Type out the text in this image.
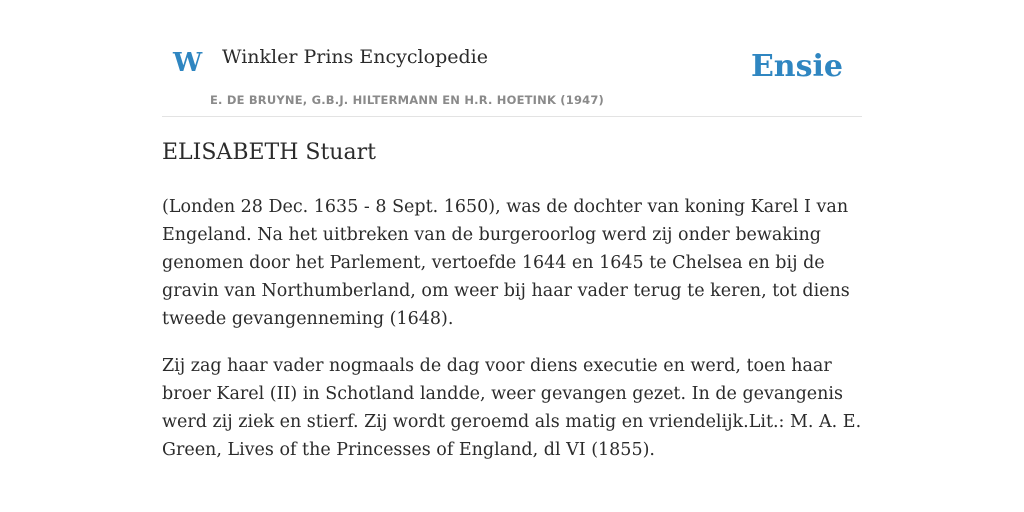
W Winkler Prins Encyclopedie
E. DE BRUYNE, G.B.J. HILTERMANN EN H.R. HOETINK (1947)
Ensie
ELISABETH Stuart

(Londen 28 Dec. 1635 - 8 Sept. 1650), was de dochter van koning Karel I van Engeland. Na het uitbreken van de burgeroorlog werd zij onder bewaking genomen door het Parlement, vertoefde 1644 en 1645 te Chelsea en bij de gravin van Northumberland, om weer bij haar vader terug te keren, tot diens tweede gevangenneming (1648).

Zij zag haar vader nogmaals de dag voor diens executie en werd, toen haar broer Karel (II) in Schotland landde, weer gevangen gezet. In de gevangenis werd zij ziek en stierf. Zij wordt geroemd als matig en vriendelijk.Lit.: M. A. E. Green, Lives of the Princesses of England, dl VI (1855).
